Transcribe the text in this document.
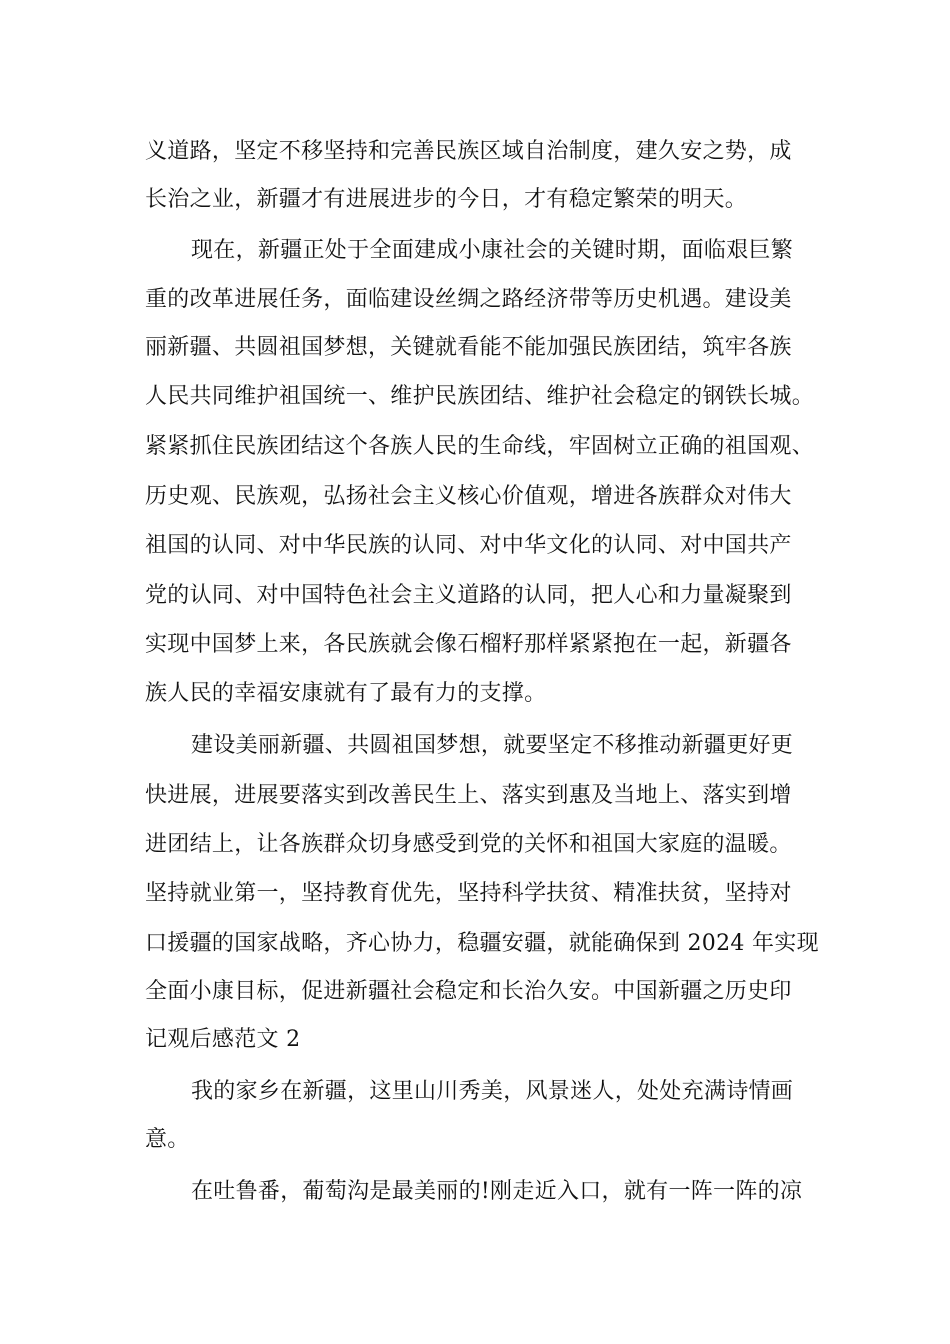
义道路，坚定不移坚持和完善民族区域自治制度，建久安之势，成
长治之业，新疆才有进展进步的今日，才有稳定繁荣的明天。
现在，新疆正处于全面建成小康社会的关键时期，面临艰巨繁
重的改革进展任务，面临建设丝绸之路经济带等历史机遇。建设美
丽新疆、共圆祖国梦想，关键就看能不能加强民族团结，筑牢各族
人民共同维护祖国统一、维护民族团结、维护社会稳定的钢铁长城。
紧紧抓住民族团结这个各族人民的生命线，牢固树立正确的祖国观、
历史观、民族观，弘扬社会主义核心价值观，增进各族群众对伟大
祖国的认同、对中华民族的认同、对中华文化的认同、对中国共产
党的认同、对中国特色社会主义道路的认同，把人心和力量凝聚到
实现中国梦上来，各民族就会像石榴籽那样紧紧抱在一起，新疆各
族人民的幸福安康就有了最有力的支撑。
建设美丽新疆、共圆祖国梦想，就要坚定不移推动新疆更好更
快进展，进展要落实到改善民生上、落实到惠及当地上、落实到增
进团结上，让各族群众切身感受到党的关怀和祖国大家庭的温暖。
坚持就业第一，坚持教育优先，坚持科学扶贫、精准扶贫，坚持对
口援疆的国家战略，齐心协力，稳疆安疆，就能确保到 2024 年实现
全面小康目标，促进新疆社会稳定和长治久安。中国新疆之历史印
记观后感范文 2
我的家乡在新疆，这里山川秀美，风景迷人，处处充满诗情画
意。
在吐鲁番，葡萄沟是最美丽的!刚走近入口，就有一阵一阵的凉
